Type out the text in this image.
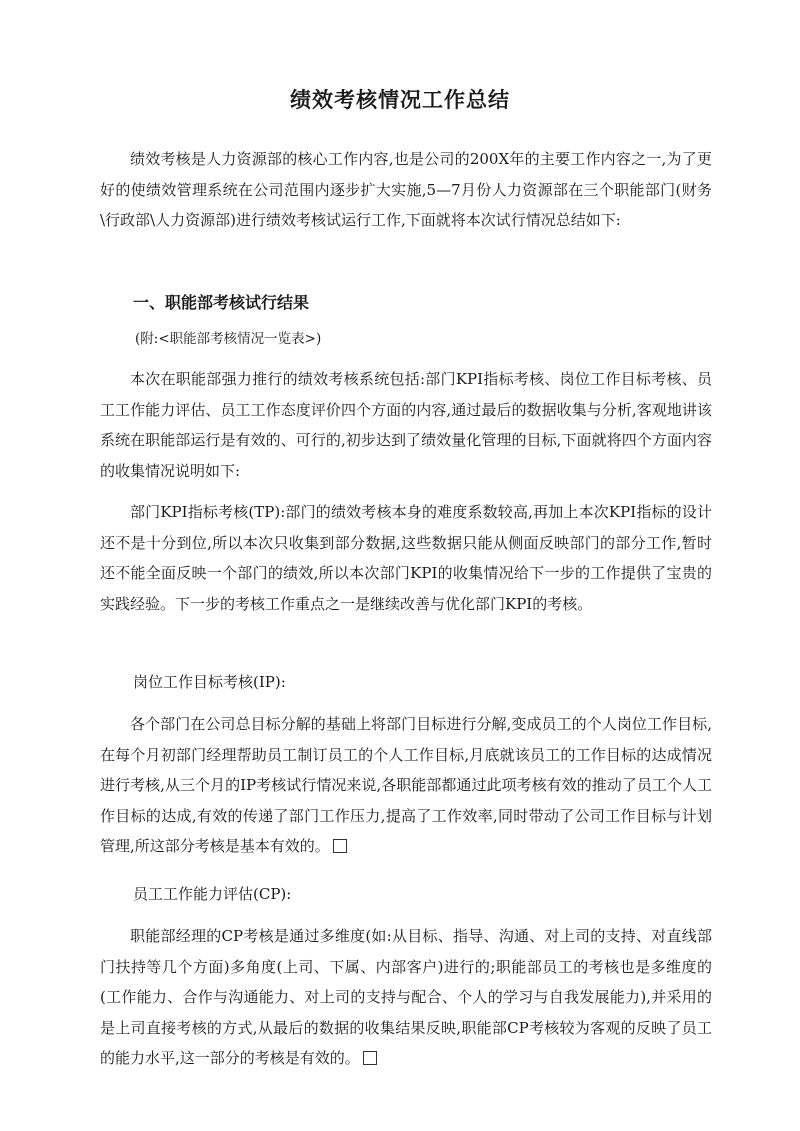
绩效考核情况工作总结

绩效考核是人力资源部的核心工作内容,也是公司的200X年的主要工作内容之一,为了更好的使绩效管理系统在公司范围内逐步扩大实施,5—7月份人力资源部在三个职能部门(财务\行政部\人力资源部)进行绩效考核试运行工作,下面就将本次试行情况总结如下:

一、职能部考核试行结果

(附:<职能部考核情况一览表>)

本次在职能部强力推行的绩效考核系统包括:部门KPI指标考核、岗位工作目标考核、员工工作能力评估、员工工作态度评价四个方面的内容,通过最后的数据收集与分析,客观地讲该系统在职能部运行是有效的、可行的,初步达到了绩效量化管理的目标,下面就将四个方面内容的收集情况说明如下:

部门KPI指标考核(TP):部门的绩效考核本身的难度系数较高,再加上本次KPI指标的设计还不是十分到位,所以本次只收集到部分数据,这些数据只能从侧面反映部门的部分工作,暂时还不能全面反映一个部门的绩效,所以本次部门KPI的收集情况给下一步的工作提供了宝贵的实践经验。下一步的考核工作重点之一是继续改善与优化部门KPI的考核。

岗位工作目标考核(IP):

各个部门在公司总目标分解的基础上将部门目标进行分解,变成员工的个人岗位工作目标,在每个月初部门经理帮助员工制订员工的个人工作目标,月底就该员工的工作目标的达成情况进行考核,从三个月的IP考核试行情况来说,各职能部都通过此项考核有效的推动了员工个人工作目标的达成,有效的传递了部门工作压力,提高了工作效率,同时带动了公司工作目标与计划管理,所这部分考核是基本有效的。

员工工作能力评估(CP):

职能部经理的CP考核是通过多维度(如:从目标、指导、沟通、对上司的支持、对直线部门扶持等几个方面)多角度(上司、下属、内部客户)进行的;职能部员工的考核也是多维度的(工作能力、合作与沟通能力、对上司的支持与配合、个人的学习与自我发展能力),并采用的是上司直接考核的方式,从最后的数据的收集结果反映,职能部CP考核较为客观的反映了员工的能力水平,这一部分的考核是有效的。
